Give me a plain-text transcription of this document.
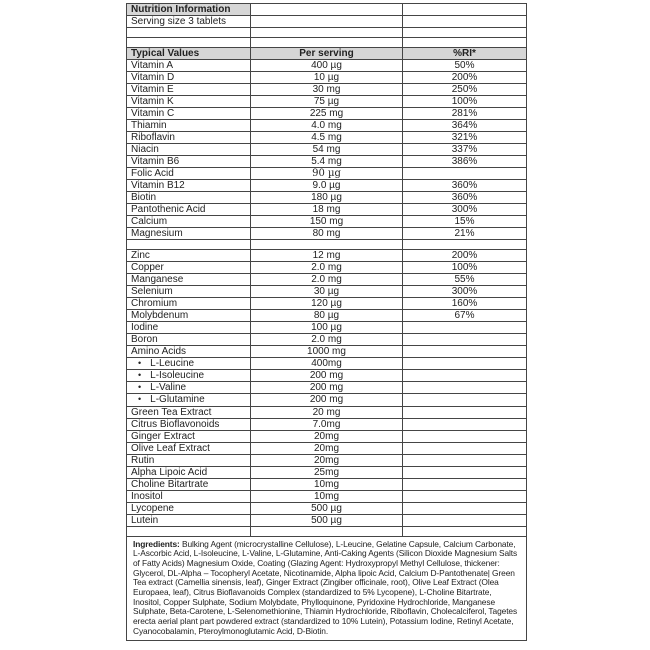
Nutrition Information		
Serving size 3 tablets		

Typical Values	Per serving	%RI*
Vitamin A	400 µg	50%
Vitamin D	10 µg	200%
Vitamin E	30 mg	250%
Vitamin K	75 µg	100%
Vitamin C	225 mg	281%
Thiamin	4.0 mg	364%
Riboflavin	4.5 mg	321%
Niacin	54 mg	337%
Vitamin B6	5.4 mg	386%
Folic Acid	90 µg	
Vitamin B12	9.0 µg	360%
Biotin	180 µg	360%
Pantothenic Acid	18 mg	300%
Calcium	150 mg	15%
Magnesium	80 mg	21%

Zinc	12 mg	200%
Copper	2.0 mg	100%
Manganese	2.0 mg	55%
Selenium	30 µg	300%
Chromium	120 µg	160%
Molybdenum	80 µg	67%
Iodine	100 µg	
Boron	2.0 mg	
Amino Acids	1000 mg	
• L-Leucine	400mg	
• L-Isoleucine	200 mg	
• L-Valine	200 mg	
• L-Glutamine	200 mg	
Green Tea Extract	20 mg	
Citrus Bioflavonoids	7.0mg	
Ginger Extract	20mg	
Olive Leaf Extract	20mg	
Rutin	20mg	
Alpha Lipoic Acid	25mg	
Choline Bitartrate	10mg	
Inositol	10mg	
Lycopene	500 µg	
Lutein	500 µg	

Ingredients: Bulking Agent (microcrystalline Cellulose), L-Leucine, Gelatine Capsule, Calcium Carbonate, L-Ascorbic Acid, L-Isoleucine, L-Valine, L-Glutamine, Anti-Caking Agents (Silicon Dioxide Magnesium Salts of Fatty Acids) Magnesium Oxide, Coating (Glazing Agent: Hydroxypropyl Methyl Cellulose, thickener: Glycerol, DL-Alpha – Tocopheryl Acetate, Nicotinamide, Alpha lipoic Acid, Calcium D-Pantothenate| Green Tea extract (Camellia sinensis, leaf), Ginger Extract (Zingiber officinale, root), Olive Leaf Extract (Olea Europaea, leaf), Citrus Bioflavanoids Complex (standardized to 5% Lycopene), L-Choline Bitartrate, Inositol, Copper Sulphate, Sodium Molybdate, Phylloquinone, Pyridoxine Hydrochloride, Manganese Sulphate, Beta-Carotene, L-Selenomethionine, Thiamin Hydrochloride, Riboflavin, Cholecalciferol, Tagetes erecta aerial plant part powdered extract (standardized to 10% Lutein), Potassium Iodine, Retinyl Acetate, Cyanocobalamin, Pteroylmonoglutamic Acid, D-Biotin.		
